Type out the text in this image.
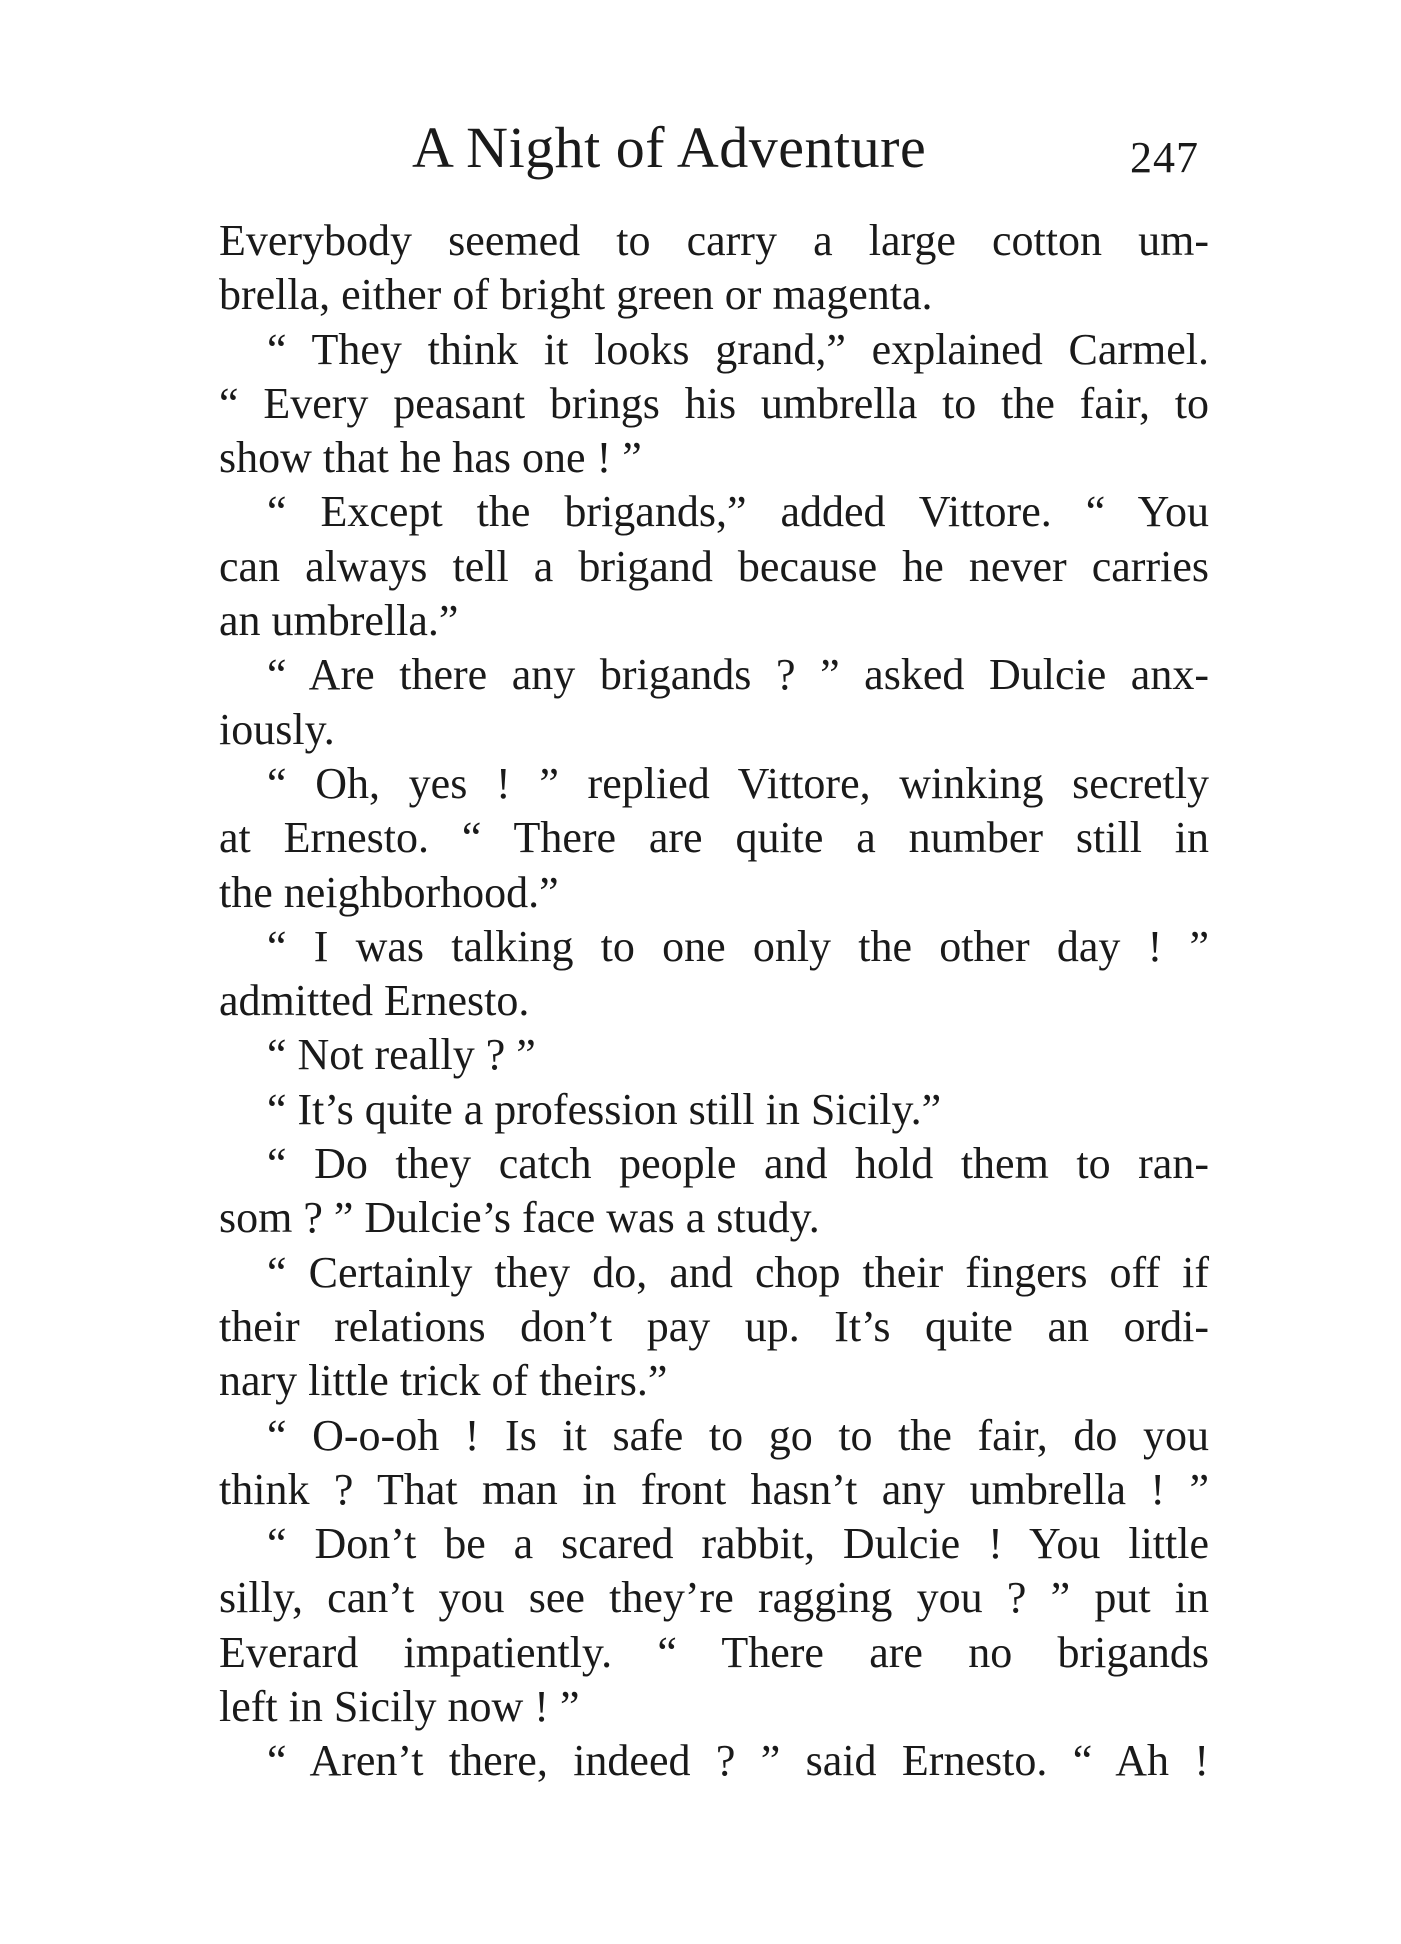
A Night of Adventure	247
Everybody seemed to carry a large cotton um-
brella, either of bright green or magenta.
“ They think it looks grand,” explained Carmel.
“ Every peasant brings his umbrella to the fair, to
show that he has one ! ”
“ Except the brigands,” added Vittore. “ You
can always tell a brigand because he never carries
an umbrella.”
“ Are there any brigands ? ” asked Dulcie anx-
iously.
“ Oh, yes ! ” replied Vittore, winking secretly
at Ernesto. “ There are quite a number still in
the neighborhood.”
“ I was talking to one only the other day ! ”
admitted Ernesto.
“ Not really ? ”
“ It’s quite a profession still in Sicily.”
“ Do they catch people and hold them to ran-
som ? ” Dulcie’s face was a study.
“ Certainly they do, and chop their fingers off if
their relations don’t pay up. It’s quite an ordi-
nary little trick of theirs.”
“ O-o-oh ! Is it safe to go to the fair, do you
think ? That man in front hasn’t any umbrella ! ”
“ Don’t be a scared rabbit, Dulcie ! You little
silly, can’t you see they’re ragging you ? ” put in
Everard impatiently. “ There are no brigands
left in Sicily now ! ”
“ Aren’t there, indeed ? ” said Ernesto. “ Ah !
